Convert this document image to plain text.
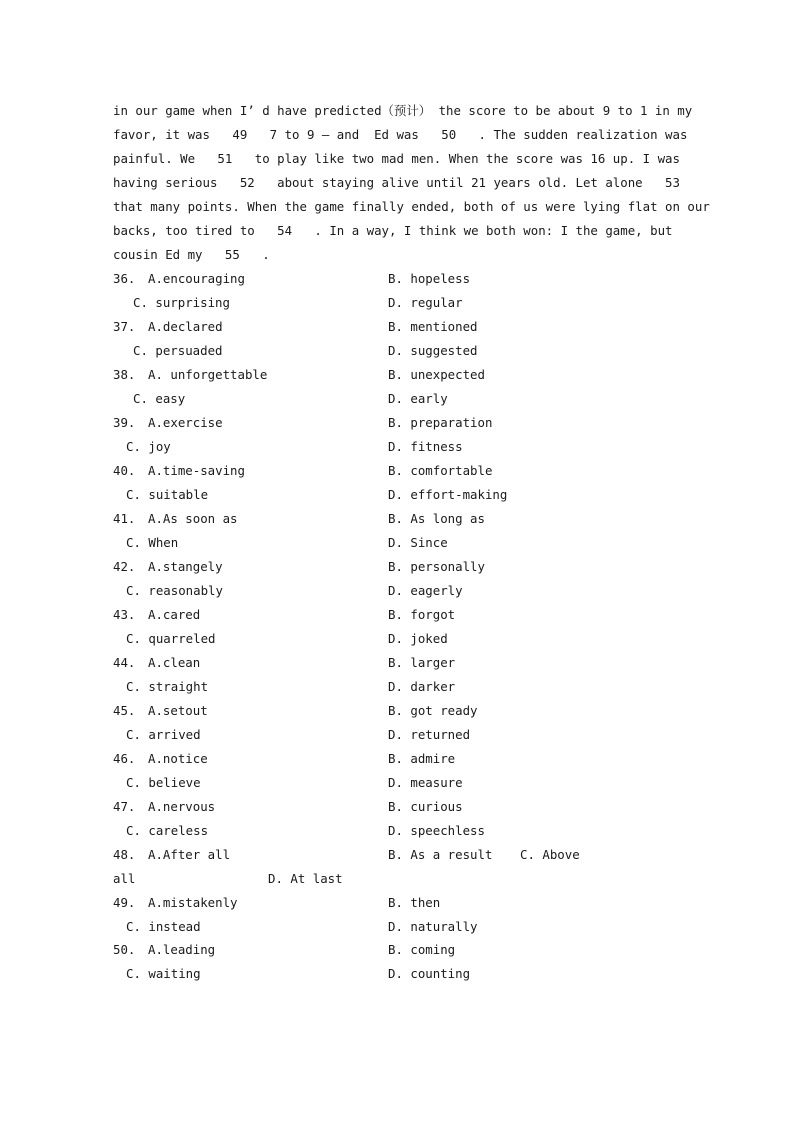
in our game when I’ d have predicted（预计） the score to be about 9 to 1 in my
favor, it was   49   7 to 9 — and  Ed was   50   . The sudden realization was
painful. We   51   to play like two mad men. When the score was 16 up. I was
having serious   52   about staying alive until 21 years old. Let alone   53
that many points. When the game finally ended, both of us were lying flat on our
backs, too tired to   54   . In a way, I think we both won: I the game, but
cousin Ed my   55   .

36.

A.encouraging

	B. hopeless

C. surprising

	D. regular

37.

A.declared

	B. mentioned

C. persuaded

	D. suggested

38.

A. unforgettable

	B. unexpected

C. easy

	D. early

39.

A.exercise

	B. preparation

C. joy

	D. fitness

40.

A.time-saving

	B. comfortable

C. suitable

	D. effort-making

41.

A.As soon as

	B. As long as

C. When

	D. Since

42.

A.stangely

	B. personally

C. reasonably

	D. eagerly

43.

A.cared

	B. forgot

C. quarreled

	D. joked

44.

A.clean

	B. larger

C. straight

	D. darker

45.

A.setout

	B. got ready

C. arrived

	D. returned

46.

A.notice

	B. admire

C. believe

	D. measure

47.

A.nervous

	B. curious

C. careless

	D. speechless

48.

A.After all

	B. As a result

C. Above

all

	D. At last

49.

A.mistakenly

	B. then

C. instead

	D. naturally

50.

A.leading

	B. coming

C. waiting

	D. counting
